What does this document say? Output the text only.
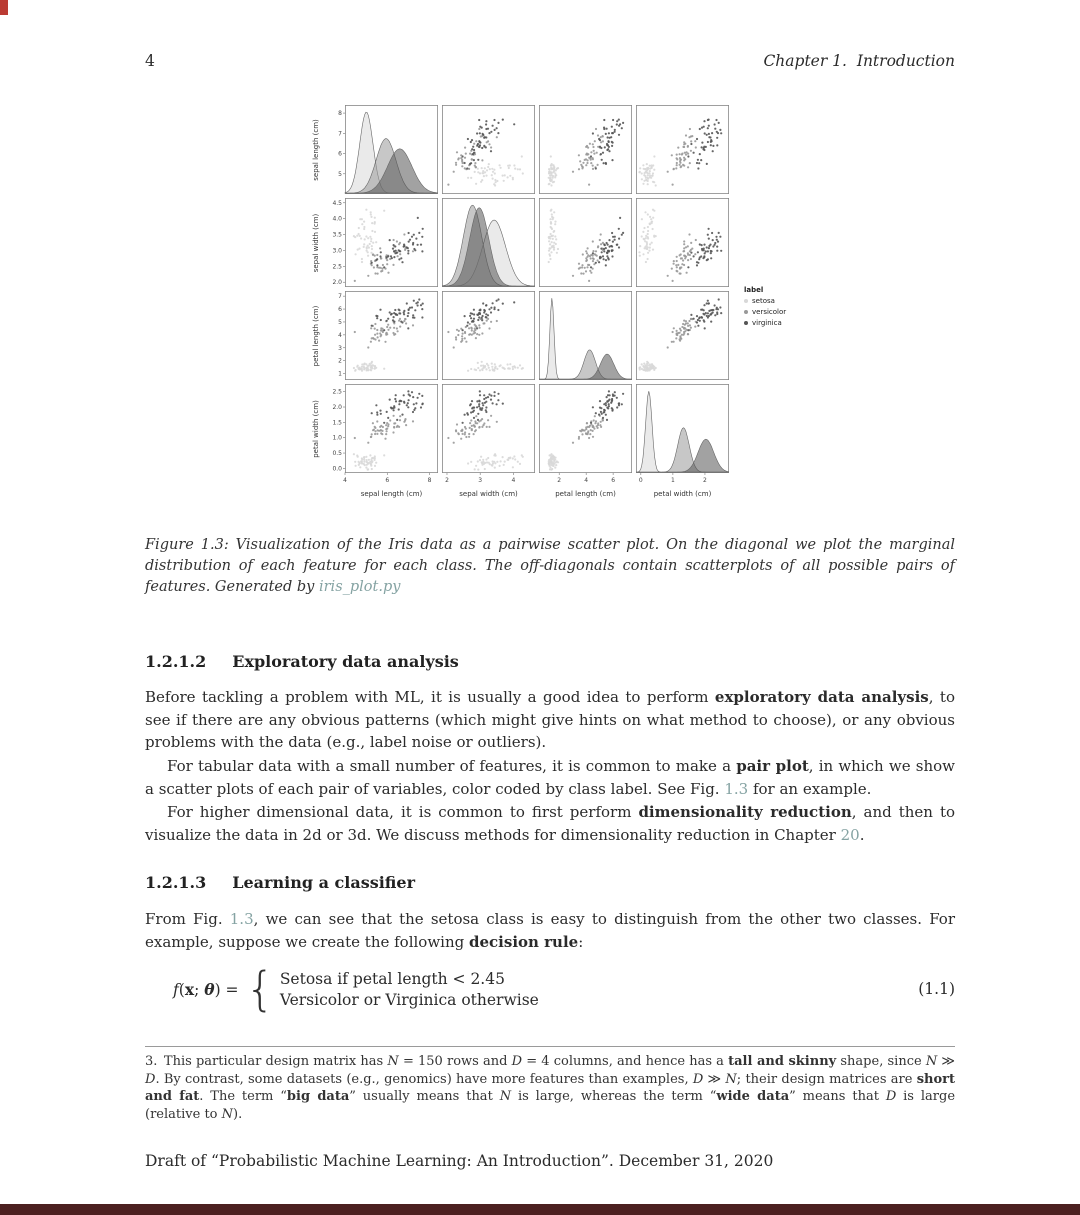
4	Chapter 1.  Introduction
5
6
7
8
2.0
2.5
3.0
3.5
4.0
4.5
1
2
3
4
5
6
7
0.0
0.5
1.0
1.5
2.0
2.5
4	6	8 2	3	4	2	4	6	0	1	2
label
setosa
versicolor
virginica
sepal length (cm)
sepal length (cm)
sepal width (cm)
sepal width (cm)
petal length (cm)
petal length (cm)
petal width (cm)
petal width (cm)
Figure 1.3: Visualization of the Iris data as a pairwise scatter plot. On the diagonal we plot the marginal distribution of each feature for each class. The off-diagonals contain scatterplots of all possible pairs of features. Generated by iris_plot.py
1.2.1.2 Exploratory data analysis

Before tackling a problem with ML, it is usually a good idea to perform exploratory data analysis, to see if there are any obvious patterns (which might give hints on what method to choose), or any obvious problems with the data (e.g., label noise or outliers).

For tabular data with a small number of features, it is common to make a pair plot, in which we show a scatter plots of each pair of variables, color coded by class label. See Fig. 1.3 for an example.

For higher dimensional data, it is common to first perform dimensionality reduction, and then to visualize the data in 2d or 3d. We discuss methods for dimensionality reduction in Chapter 20.

1.2.1.3 Learning a classifier

From Fig. 1.3, we can see that the setosa class is easy to distinguish from the other two classes. For example, suppose we create the following decision rule:

f(x; θ) = { Setosa if petal length < 2.45
Versicolor or Virginica otherwise
(1.1)
3. This particular design matrix has N = 150 rows and D = 4 columns, and hence has a tall and skinny shape, since N ≫ D. By contrast, some datasets (e.g., genomics) have more features than examples, D ≫ N; their design matrices are short and fat. The term “big data” usually means that N is large, whereas the term “wide data” means that D is large (relative to N).
Draft of “Probabilistic Machine Learning: An Introduction”. December 31, 2020
